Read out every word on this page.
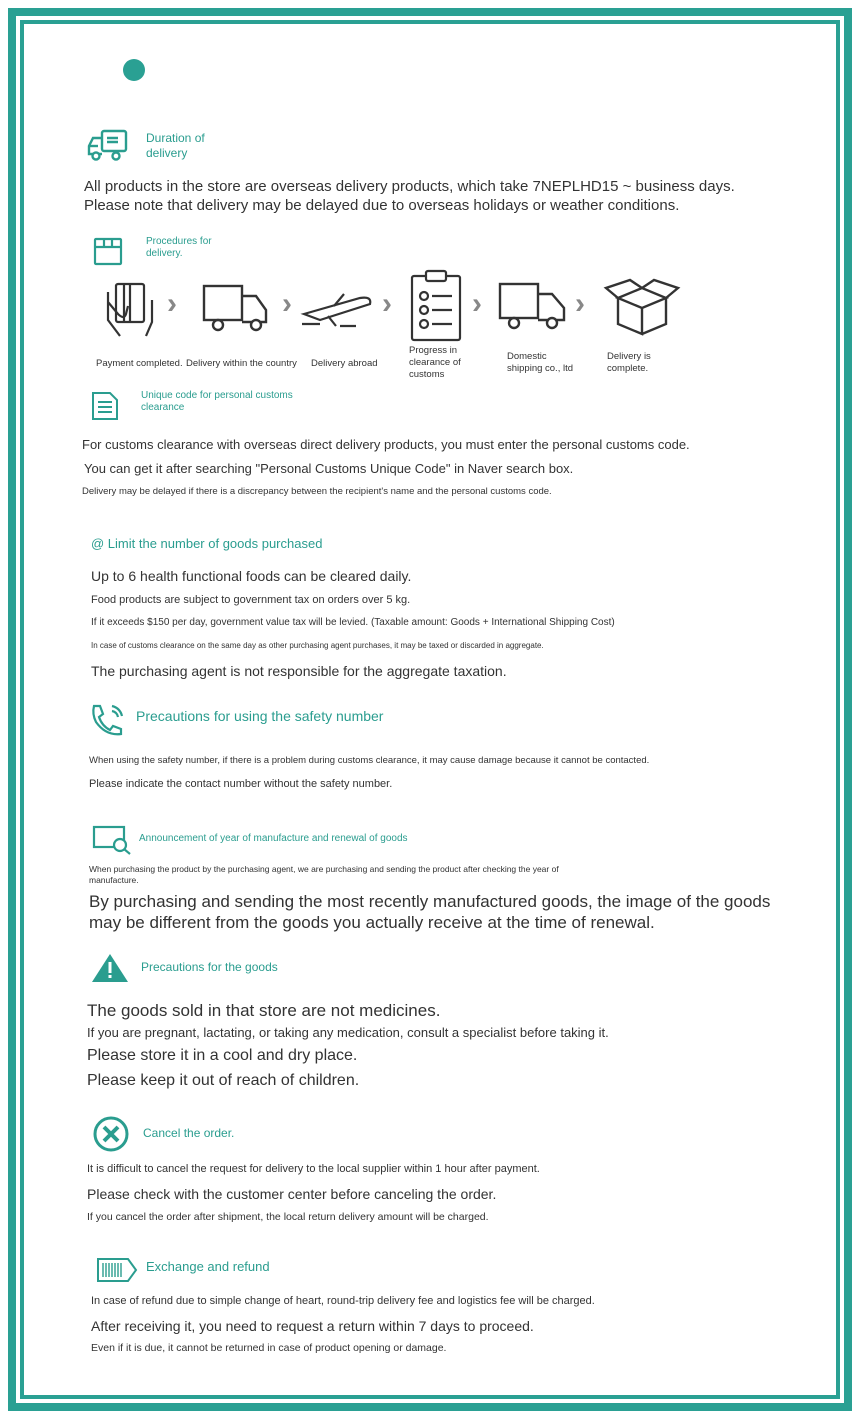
Duration of
delivery
All products in the store are overseas delivery products, which take 7NEPLHD15 ~ business days.
Please note that delivery may be delayed due to overseas holidays or weather conditions.
Procedures for
delivery.
›	›	›	›	›
Payment completed. Delivery within the country Delivery abroad
Progress in
clearance of
customs
Domestic
shipping co., ltd
Delivery is
complete.
Unique code for personal customs
clearance
For customs clearance with overseas direct delivery products, you must enter the personal customs code.
You can get it after searching "Personal Customs Unique Code" in Naver search box.
Delivery may be delayed if there is a discrepancy between the recipient's name and the personal customs code.
@ Limit the number of goods purchased
Up to 6 health functional foods can be cleared daily.
Food products are subject to government tax on orders over 5 kg.
If it exceeds $150 per day, government value tax will be levied. (Taxable amount: Goods + International Shipping Cost)
In case of customs clearance on the same day as other purchasing agent purchases, it may be taxed or discarded in aggregate.
The purchasing agent is not responsible for the aggregate taxation.
Precautions for using the safety number
When using the safety number, if there is a problem during customs clearance, it may cause damage because it cannot be contacted.
Please indicate the contact number without the safety number.
Announcement of year of manufacture and renewal of goods
When purchasing the product by the purchasing agent, we are purchasing and sending the product after checking the year of
manufacture.
By purchasing and sending the most recently manufactured goods, the image of the goods
may be different from the goods you actually receive at the time of renewal.
Precautions for the goods
The goods sold in that store are not medicines.
If you are pregnant, lactating, or taking any medication, consult a specialist before taking it.
Please store it in a cool and dry place.
Please keep it out of reach of children.
Cancel the order.
It is difficult to cancel the request for delivery to the local supplier within 1 hour after payment.
Please check with the customer center before canceling the order.
If you cancel the order after shipment, the local return delivery amount will be charged.
Exchange and refund
In case of refund due to simple change of heart, round-trip delivery fee and logistics fee will be charged.
After receiving it, you need to request a return within 7 days to proceed.
Even if it is due, it cannot be returned in case of product opening or damage.
